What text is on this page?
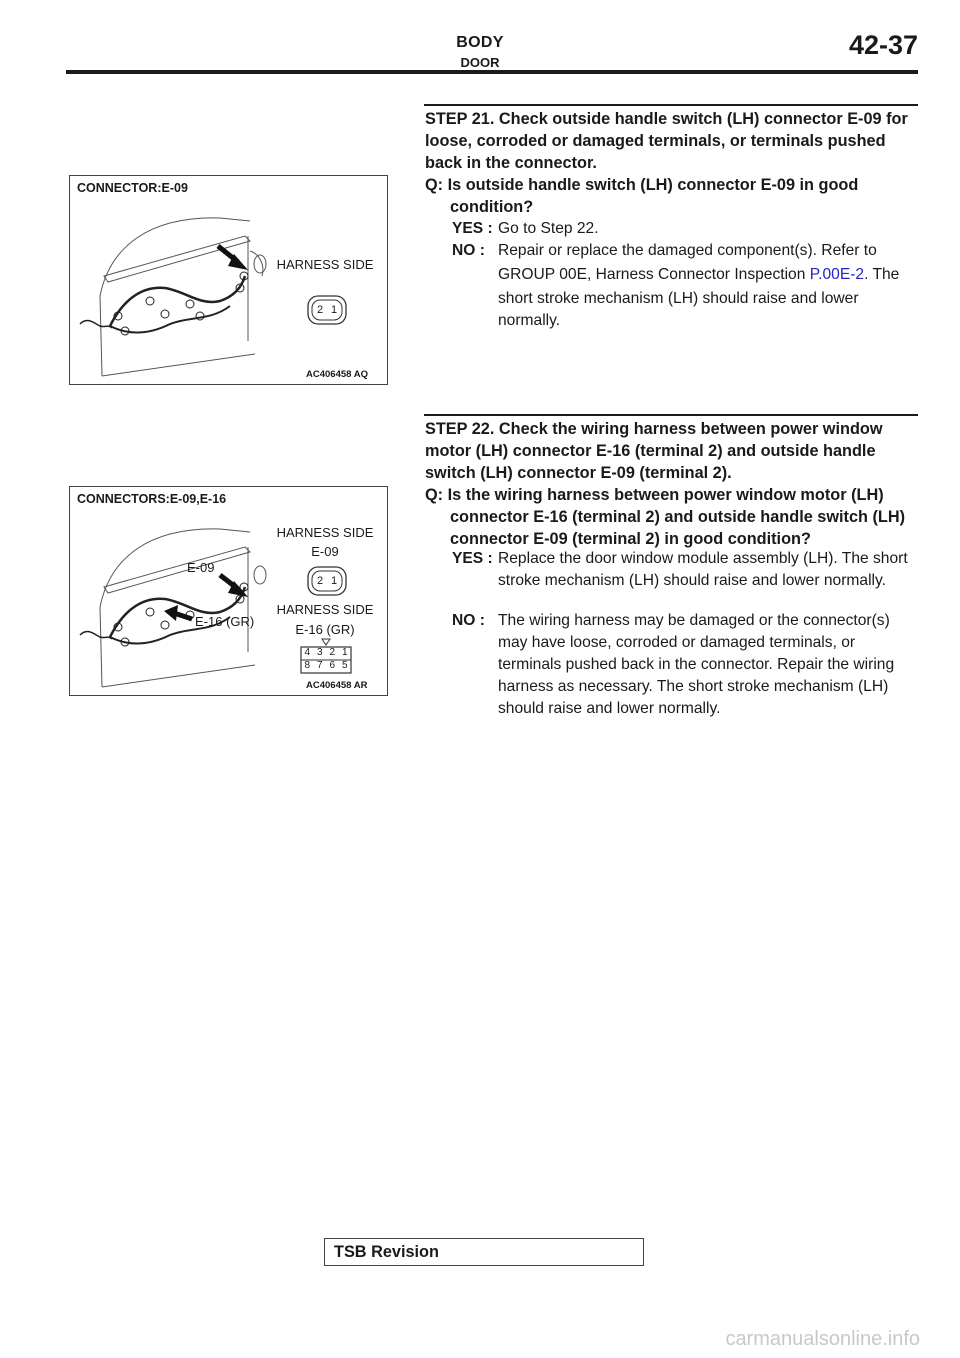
BODY
DOOR
42-37
STEP 21. Check outside handle switch (LH) connector E-09 for loose, corroded or damaged terminals, or terminals pushed back in the connector.
Q: Is outside handle switch (LH) connector E-09 in good condition?
YES : Go to Step 22.
NO : Repair or replace the damaged component(s). Refer to GROUP 00E, Harness Connector Inspection P.00E-2. The short stroke mechanism (LH) should raise and lower normally.
CONNECTOR:E-09
HARNESS SIDE
2 1
AC406458 AQ
STEP 22. Check the wiring harness between power window motor (LH) connector E-16 (terminal 2) and outside handle switch (LH) connector E-09 (terminal 2).
Q: Is the wiring harness between power window motor (LH) connector E-16 (terminal 2) and outside handle switch (LH) connector E-09 (terminal 2) in good condition?
YES : Replace the door window module assembly (LH). The short stroke mechanism (LH) should raise and lower normally.
NO : The wiring harness may be damaged or the connector(s) may have loose, corroded or damaged terminals, or terminals pushed back in the connector. Repair the wiring harness as necessary. The short stroke mechanism (LH) should raise and lower normally.
CONNECTORS:E-09,E-16
HARNESS SIDE
E-09
2 1
HARNESS SIDE
E-16 (GR)
4 3 2 1
8 7 6 5
E-09
E-16 (GR)
AC406458 AR
TSB Revision
carmanualsonline.info
